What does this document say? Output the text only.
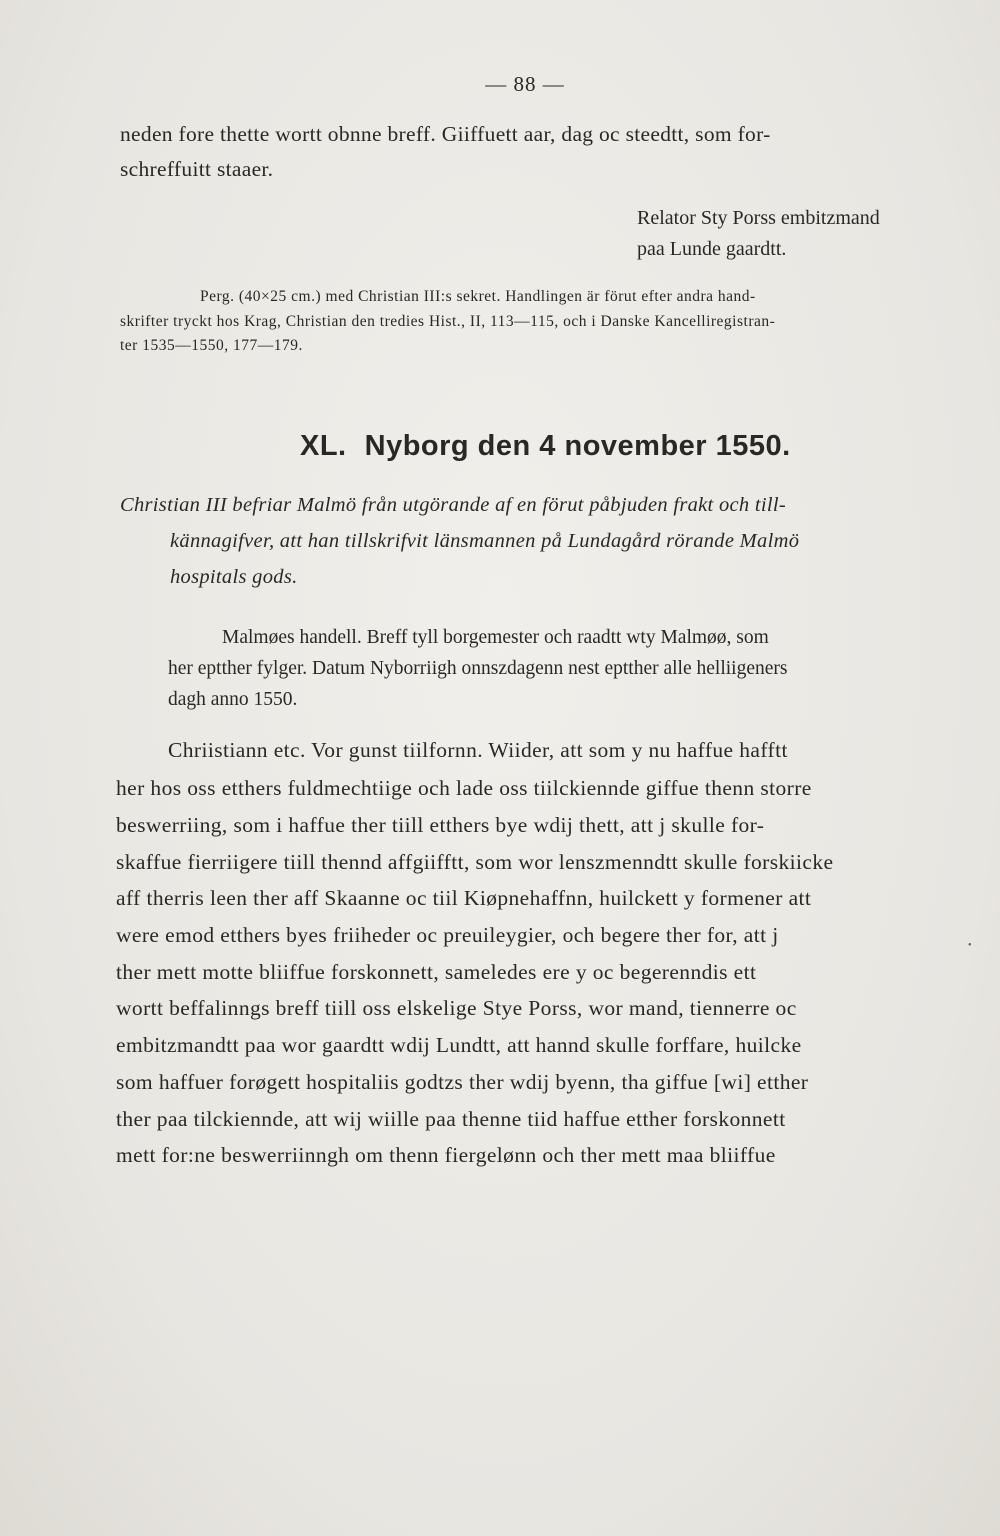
— 88 —
neden fore thette wortt obnne breff. Giiffuett aar, dag oc steedtt, som for-
schreffuitt staaer.
Relator Sty Porss embitzmand
paa Lunde gaardtt.
Perg. (40×25 cm.) med Christian III:s sekret. Handlingen är förut efter andra hand-
skrifter tryckt hos Krag, Christian den tredies Hist., II, 113—115, och i Danske Kancelliregistran-
ter 1535—1550, 177—179.
XL. Nyborg den 4 november 1550.
Christian III befriar Malmö från utgörande af en förut påbjuden frakt och till-
kännagifver, att han tillskrifvit länsmannen på Lundagård rörande Malmö
hospitals gods.
Malmøes handell. Breff tyll borgemester och raadtt wty Malmøø, som
her eptther fylger. Datum Nyborriigh onnszdagenn nest eptther alle helliigeners
dagh anno 1550.
Chriistiann etc. Vor gunst tiilfornn. Wiider, att som y nu haffue hafftt
her hos oss etthers fuldmechtiige och lade oss tiilckiennde giffue thenn storre
beswerriing, som i haffue ther tiill etthers bye wdij thett, att j skulle for-
skaffue fierriigere tiill thennd affgiifftt, som wor lenszmenndtt skulle forskiicke
aff therris leen ther aff Skaanne oc tiil Kiøpnehaffnn, huilckett y formener att
were emod etthers byes friiheder oc preuileygier, och begere ther for, att j
ther mett motte bliiffue forskonnett, sameledes ere y oc begerenndis ett
wortt beffalinngs breff tiill oss elskelige Stye Porss, wor mand, tiennerre oc
embitzmandtt paa wor gaardtt wdij Lundtt, att hannd skulle forffare, huilcke
som haffuer forøgett hospitaliis godtzs ther wdij byenn, tha giffue [wi] etther
ther paa tilckiennde, att wij wiille paa thenne tiid haffue etther forskonnett
mett for:ne beswerriinngh om thenn fiergelønn och ther mett maa bliiffue
•
